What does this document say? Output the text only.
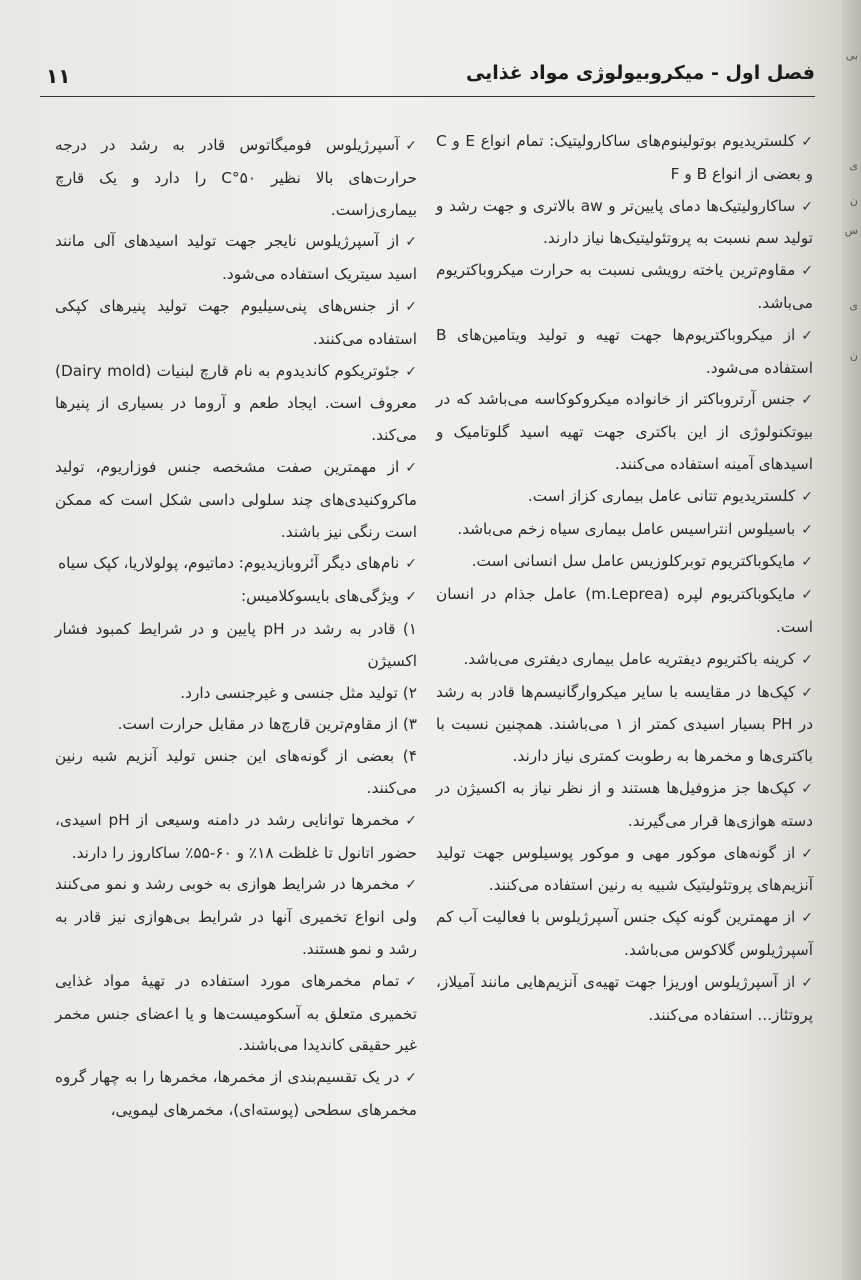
فصل اول - میکروبیولوژی مواد غذایی
۱۱

✓کلستریدیوم بوتولینوم‌های ساکارولیتیک: تمام انواع E و C و بعضی از انواع B و F

✓ساکارولیتیک‌ها دمای پایین‌تر و aw بالاتری و جهت رشد و تولید سم نسبت به پروتئولیتیک‌ها نیاز دارند.

✓مقاوم‌ترین یاخته رویشی نسبت به حرارت میکروباکتریوم می‌باشد.

✓از میکروباکتریوم‌ها جهت تهیه و تولید ویتامین‌های B استفاده می‌شود.

✓جنس آرتروباکتر از خانواده میکروکوکاسه می‌باشد که در بیوتکنولوژی از این باکتری جهت تهیه اسید گلوتامیک و اسیدهای آمینه استفاده می‌کنند.

✓کلستریدیوم تتانی عامل بیماری کزاز است.

✓باسیلوس انتراسیس عامل بیماری سیاه زخم می‌باشد.

✓مایکوباکتریوم توبرکلوزیس عامل سل انسانی است.

✓مایکوباکتریوم لپره (m.Leprea) عامل جذام در انسان است.

✓کرینه باکتریوم دیفتریه عامل بیماری دیفتری می‌باشد.

✓کپک‌ها در مقایسه با سایر میکروارگانیسم‌ها قادر به رشد در PH بسیار اسیدی کمتر از ۱ می‌باشند. همچنین نسبت با باکتری‌ها و مخمرها به رطوبت کمتری نیاز دارند.

✓کپک‌ها جز مزوفیل‌ها هستند و از نظر نیاز به اکسیژن در دسته هوازی‌ها قرار می‌گیرند.

✓از گونه‌های موکور مهی و موکور پوسیلوس جهت تولید آنزیم‌های پروتئولیتیک شبیه به رنین استفاده می‌کنند.

✓از مهمترین گونه کپک جنس آسپرژیلوس با فعالیت آب کم آسپرژیلوس گلاکوس می‌باشد.

✓از آسپرژیلوس اوریزا جهت تهیه‌ی آنزیم‌هایی مانند آمیلاز، پروتئاز... استفاده می‌کنند.

✓آسپرژیلوس فومیگاتوس قادر به رشد در درجه حرارت‌های بالا نظیر ۵۰°C را دارد و یک قارچ بیماری‌زاست.

✓از آسپرژیلوس نایجر جهت تولید اسیدهای آلی مانند اسید سیتریک استفاده می‌شود.

✓از جنس‌های پنی‌سیلیوم جهت تولید پنیرهای کپکی استفاده می‌کنند.

✓جئوتریکوم کاندیدوم به نام قارچ لبنیات (Dairy mold) معروف است. ایجاد طعم و آروما در بسیاری از پنیرها می‌کند.

✓از مهمترین صفت مشخصه جنس فوزاریوم، تولید ماکروکنیدی‌های چند سلولی داسی شکل است که ممکن است رنگی نیز باشند.

✓نام‌های دیگر آئروبازیدیوم: دماتیوم، پولولاریا، کپک سیاه

✓ویژگی‌های بایسوکلامیس:

۱) قادر به رشد در pH پایین و در شرایط کمبود فشار اکسیژن

۲) تولید مثل جنسی و غیرجنسی دارد.

۳) از مقاوم‌ترین قارچ‌ها در مقابل حرارت است.

۴) بعضی از گونه‌های این جنس تولید آنزیم شبه رنین می‌کنند.

✓مخمرها توانایی رشد در دامنه وسیعی از pH اسیدی، حضور اتانول تا غلظت ۱۸٪ و ۶۰-۵۵٪ ساکاروز را دارند.

✓مخمرها در شرایط هوازی به خوبی رشد و نمو می‌کنند ولی انواع تخمیری آنها در شرایط بی‌هوازی نیز قادر به رشد و نمو هستند.

✓تمام مخمرهای مورد استفاده در تهیهٔ مواد غذایی تخمیری متعلق به آسکومیست‌ها و یا اعضای جنس مخمر غیر حقیقی کاندیدا می‌باشند.

✓در یک تقسیم‌بندی از مخمرها، مخمرها را به چهار گروه مخمرهای سطحی (پوسته‌ای)، مخمرهای لیمویی،

بی
ی
ن
س
ی
ن
